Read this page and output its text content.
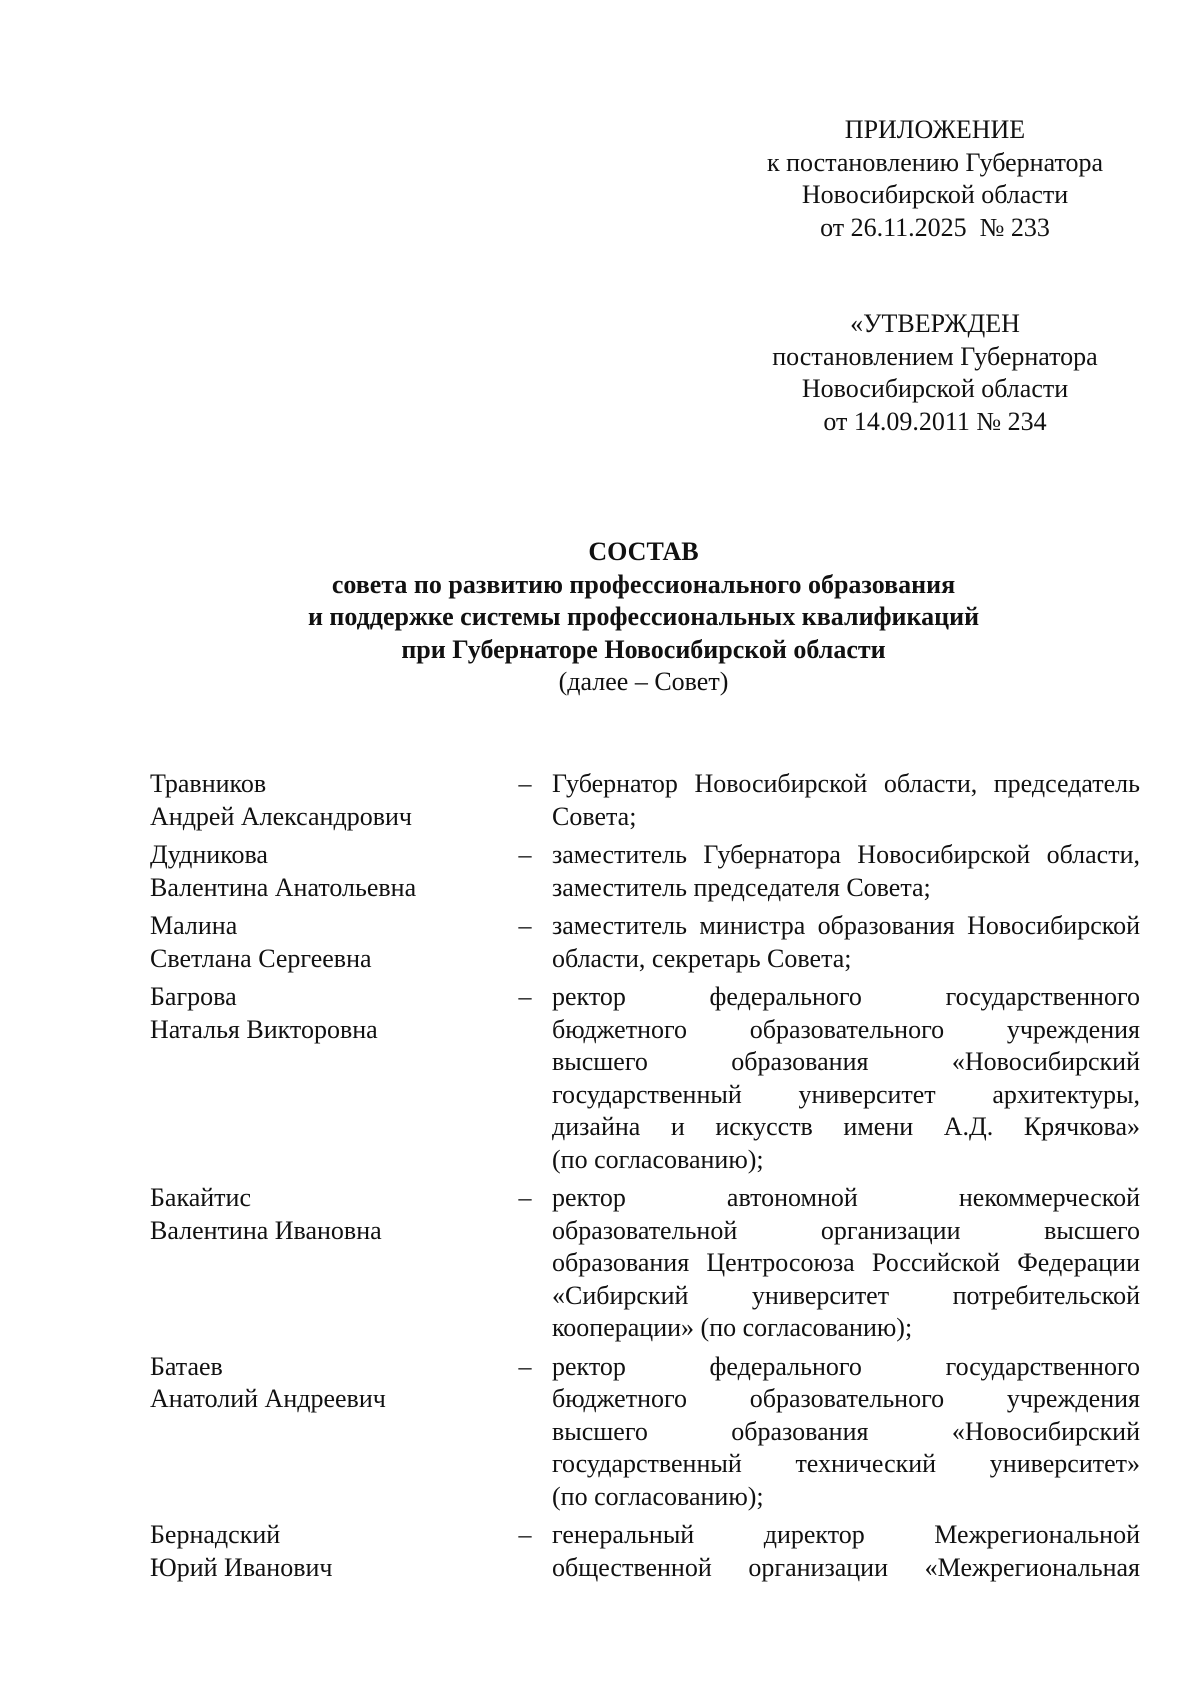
ПРИЛОЖЕНИЕ
к постановлению Губернатора
Новосибирской области
от 26.11.2025  № 233
«УТВЕРЖДЕН
постановлением Губернатора
Новосибирской области
от 14.09.2011 № 234
СОСТАВ
совета по развитию профессионального образования
и поддержке системы профессиональных квалификаций
при Губернаторе Новосибирской области
(далее – Совет)
Травников
Андрей Александрович
– Губернатор Новосибирской области, председатель
Совета;
Дудникова
Валентина Анатольевна
– заместитель Губернатора Новосибирской области,
заместитель председателя Совета;
Малина
Светлана Сергеевна
– заместитель министра образования Новосибирской
области, секретарь Совета;
Багрова
Наталья Викторовна
– ректор федерального государственного
бюджетного образовательного учреждения
высшего образования «Новосибирский
государственный университет архитектуры,
дизайна и искусств имени А.Д. Крячкова»
(по согласованию);
Бакайтис
Валентина Ивановна
– ректор автономной некоммерческой
образовательной организации высшего
образования Центросоюза Российской Федерации
«Сибирский университет потребительской
кооперации» (по согласованию);
Батаев
Анатолий Андреевич
– ректор федерального государственного
бюджетного образовательного учреждения
высшего образования «Новосибирский
государственный технический университет»
(по согласованию);
Бернадский
Юрий Иванович
– генеральный директор Межрегиональной
общественной организации «Межрегиональная
